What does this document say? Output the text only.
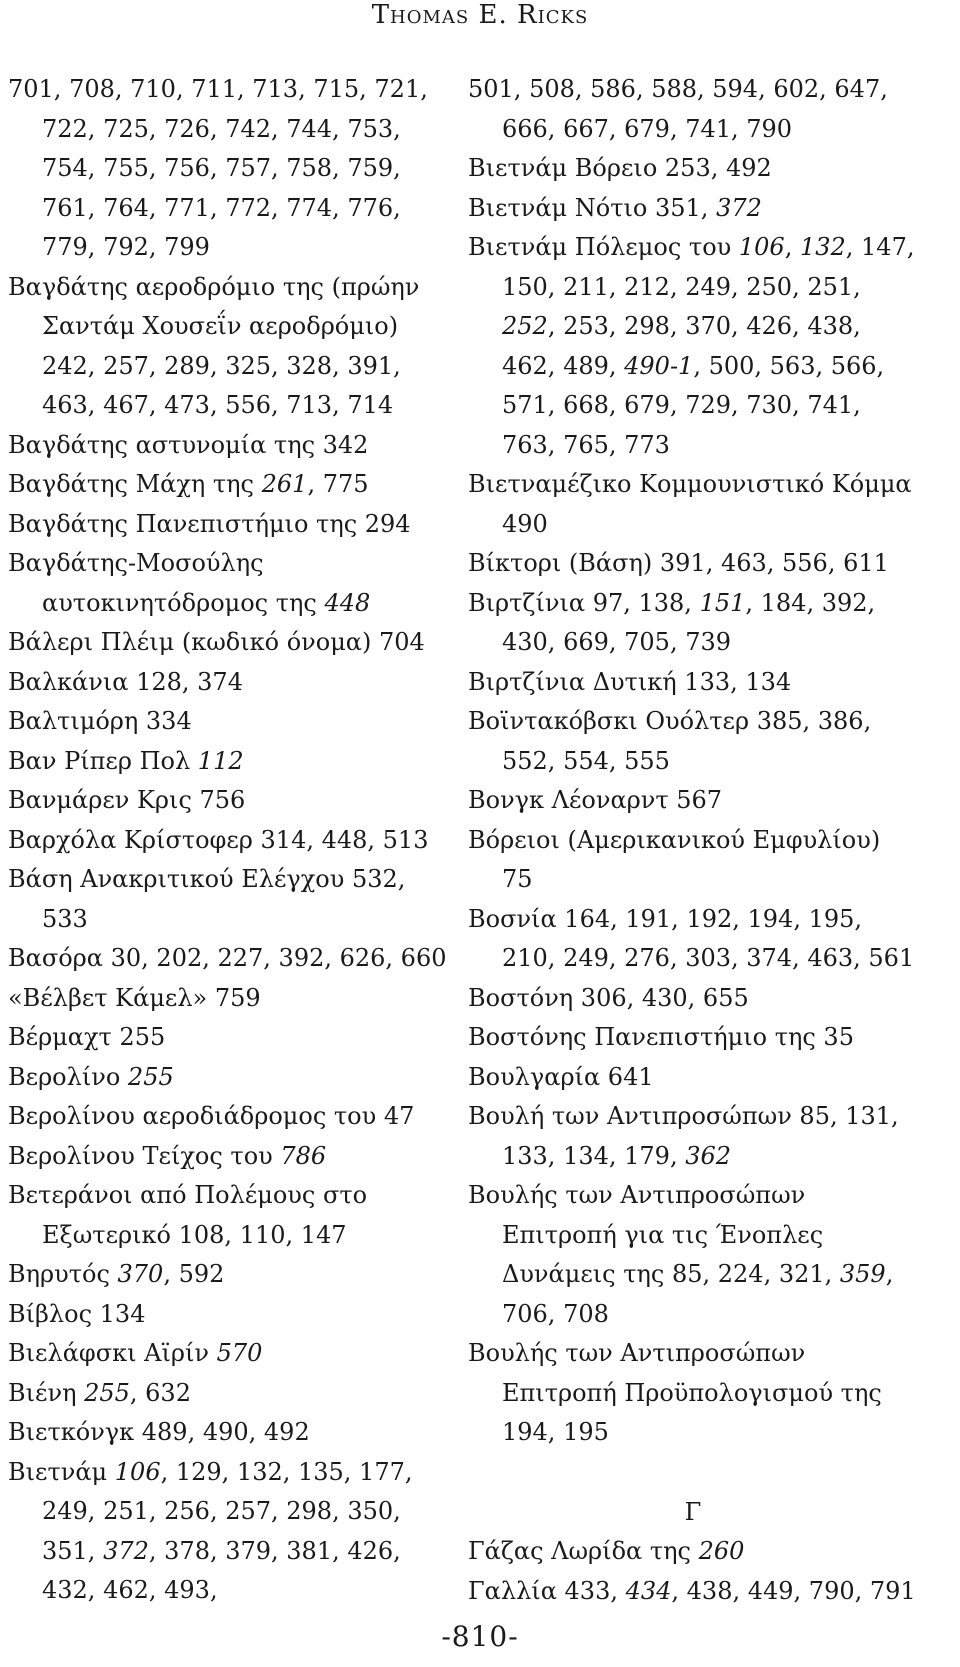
Thomas E. Ricks

701, 708, 710, 711, 713, 715, 721, 722, 725, 726, 742, 744, 753, 754, 755, 756, 757, 758, 759, 761, 764, 771, 772, 774, 776, 779, 792, 799

Βαγδάτης αεροδρόμιο της (πρώην Σαντάμ Χουσεΐν αεροδρόμιο) 242, 257, 289, 325, 328, 391, 463, 467, 473, 556, 713, 714

Βαγδάτης αστυνομία της 342

Βαγδάτης Μάχη της 261, 775

Βαγδάτης Πανεπιστήμιο της 294

Βαγδάτης-Μοσούλης αυτοκινητόδρομος της 448

Βάλερι Πλέιμ (κωδικό όνομα) 704

Βαλκάνια 128, 374

Βαλτιμόρη 334

Βαν Ρίπερ Πολ 112

Βανμάρεν Κρις 756

Βαρχόλα Κρίστοφερ 314, 448, 513

Βάση Ανακριτικού Ελέγχου 532, 533

Βασόρα 30, 202, 227, 392, 626, 660

«Βέλβετ Κάμελ» 759

Βέρμαχτ 255

Βερολίνο 255

Βερολίνου αεροδιάδρομος του 47

Βερολίνου Τείχος του 786

Βετεράνοι από Πολέμους στο Εξωτερικό 108, 110, 147

Βηρυτός 370, 592

Βίβλος 134

Βιελάφσκι Αϊρίν 570

Βιένη 255, 632

Βιετκόνγκ 489, 490, 492

Βιετνάμ 106, 129, 132, 135, 177, 249, 251, 256, 257, 298, 350, 351, 372, 378, 379, 381, 426, 432, 462, 493,

501, 508, 586, 588, 594, 602, 647, 666, 667, 679, 741, 790

Βιετνάμ Βόρειο 253, 492

Βιετνάμ Νότιο 351, 372

Βιετνάμ Πόλεμος του 106, 132, 147, 150, 211, 212, 249, 250, 251, 252, 253, 298, 370, 426, 438, 462, 489, 490-1, 500, 563, 566, 571, 668, 679, 729, 730, 741, 763, 765, 773

Βιετναμέζικο Κομμουνιστικό Κόμμα 490

Βίκτορι (Βάση) 391, 463, 556, 611

Βιρτζίνια 97, 138, 151, 184, 392, 430, 669, 705, 739

Βιρτζίνια Δυτική 133, 134

Βοϊντακόβσκι Ουόλτερ 385, 386, 552, 554, 555

Βονγκ Λέοναρντ 567

Βόρειοι (Αμερικανικού Εμφυλίου) 75

Βοσνία 164, 191, 192, 194, 195, 210, 249, 276, 303, 374, 463, 561

Βοστόνη 306, 430, 655

Βοστόνης Πανεπιστήμιο της 35

Βουλγαρία 641

Βουλή των Αντιπροσώπων 85, 131, 133, 134, 179, 362

Βουλής των Αντιπροσώπων Επιτροπή για τις Ένοπλες Δυνάμεις της 85, 224, 321, 359, 706, 708

Βουλής των Αντιπροσώπων Επιτροπή Προϋπολογισμού της 194, 195

Γ

Γάζας Λωρίδα της 260

Γαλλία 433, 434, 438, 449, 790, 791

-810-
